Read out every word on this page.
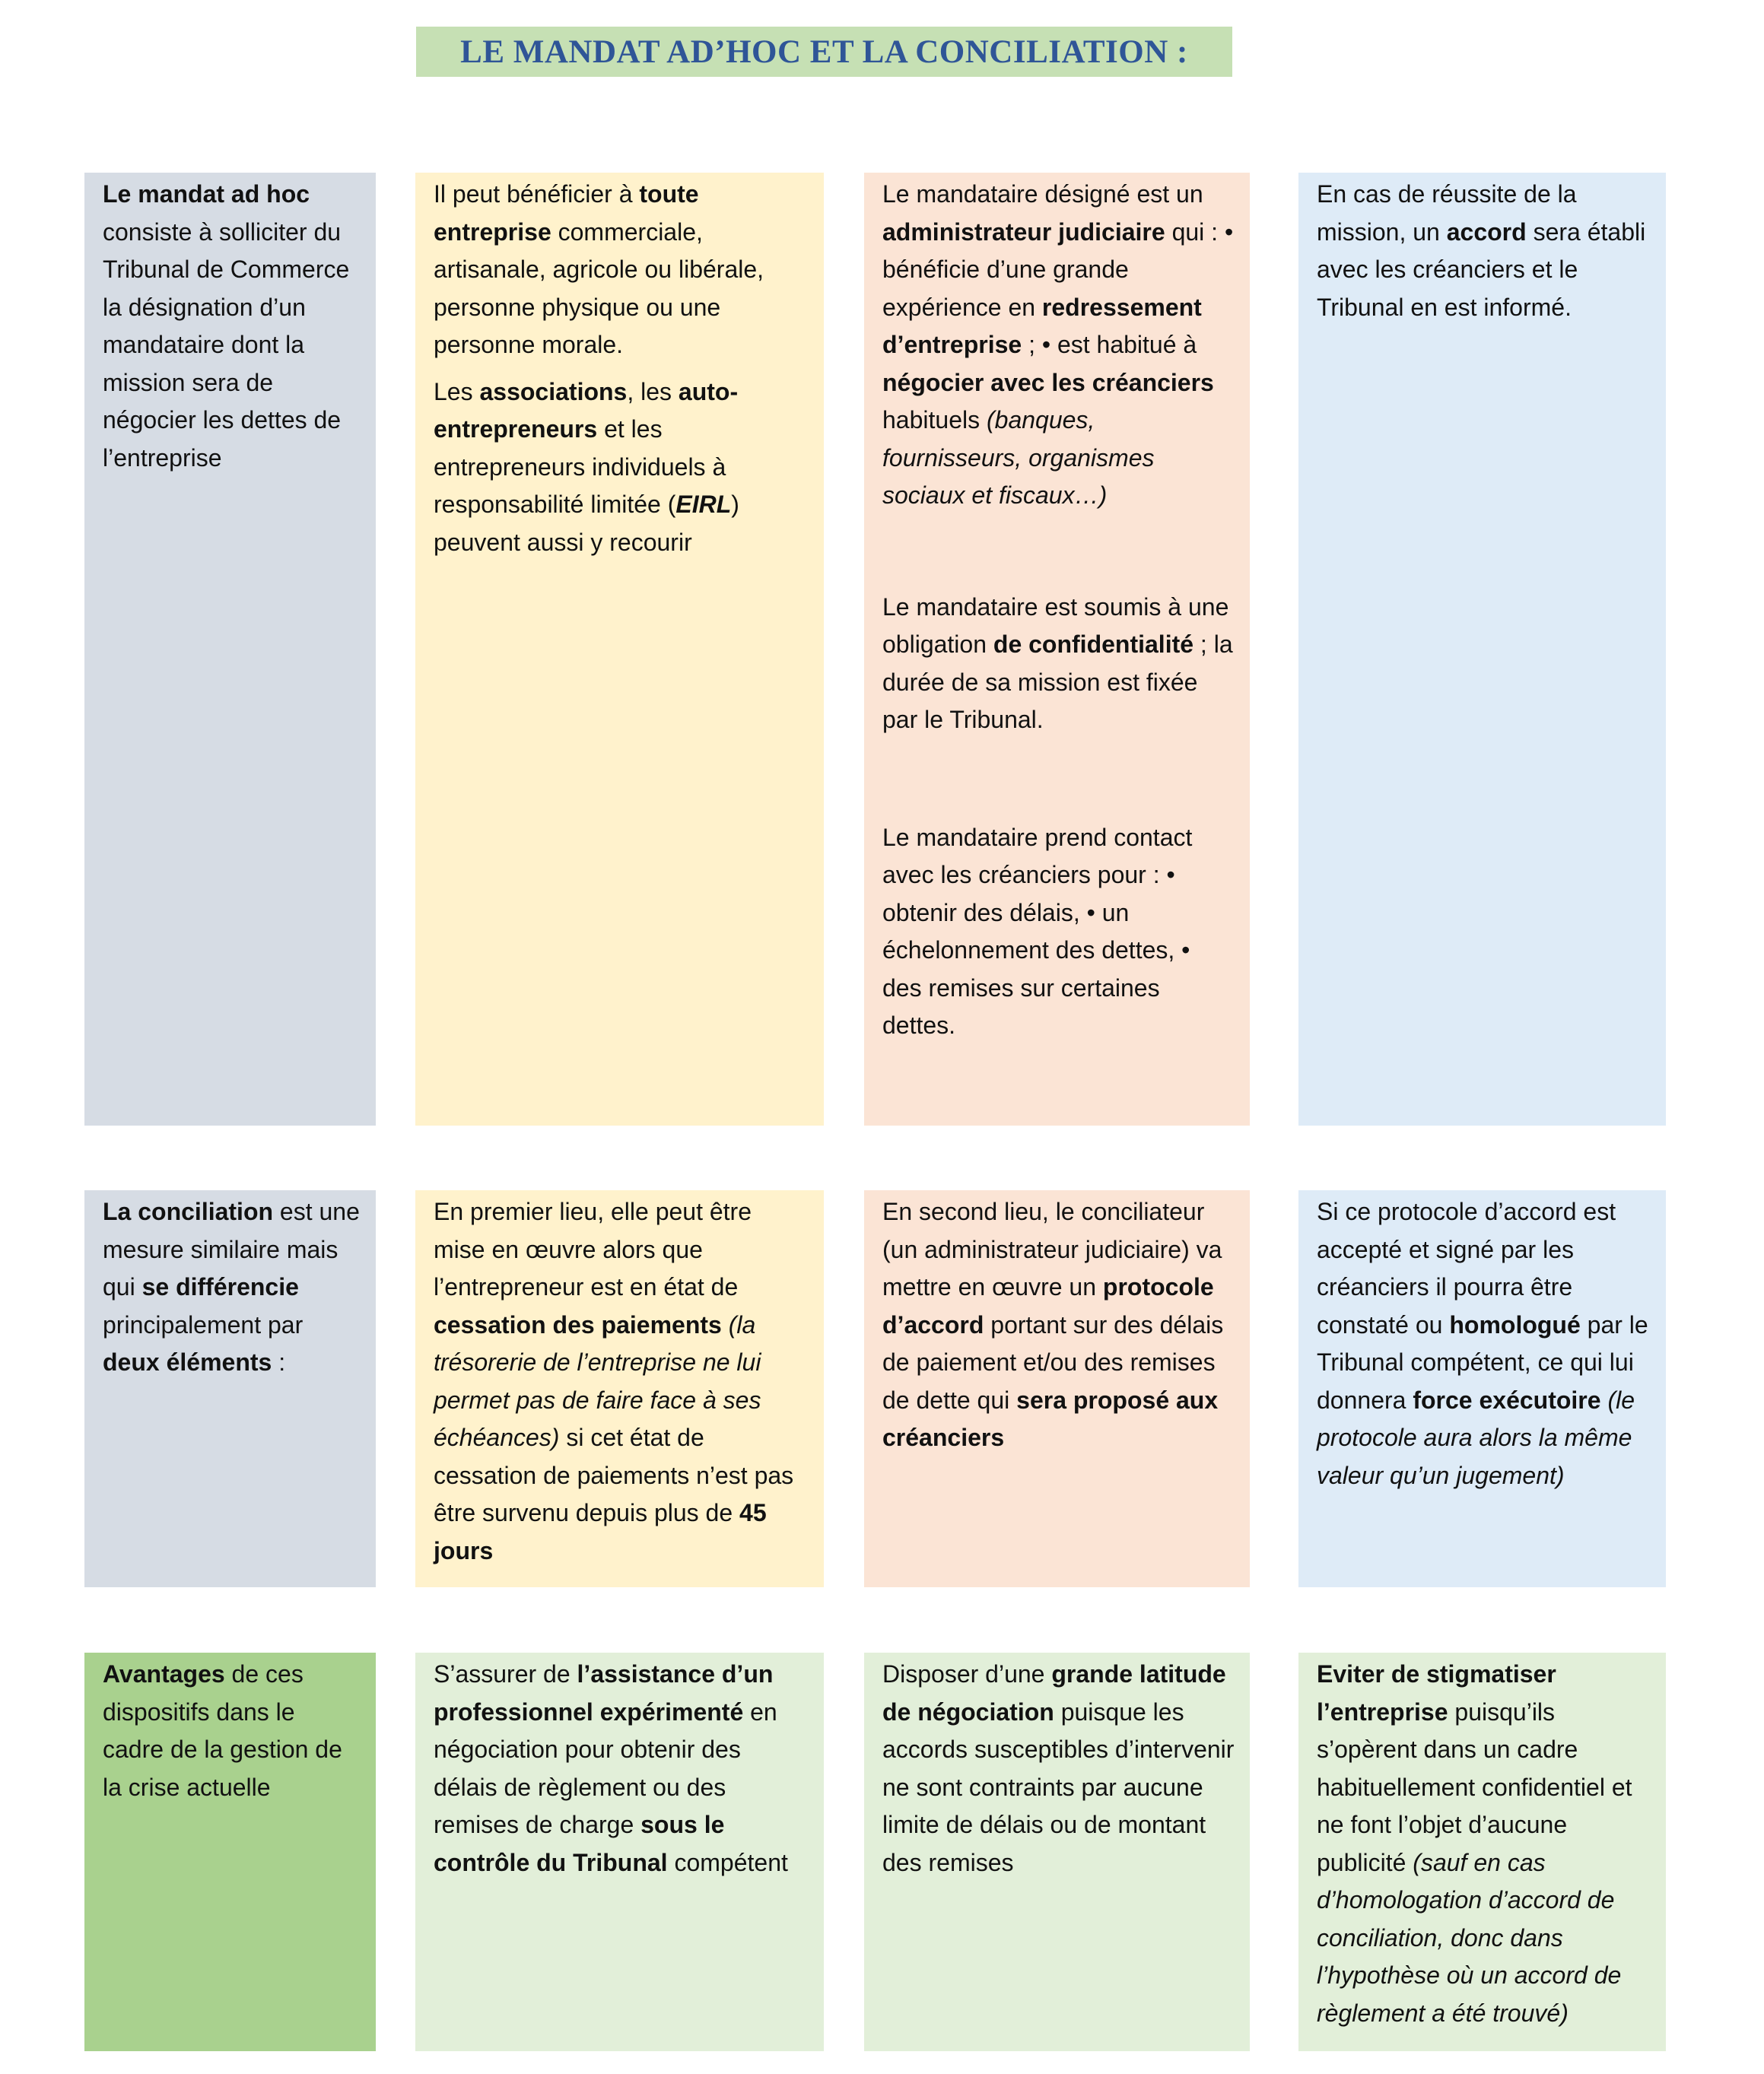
LE MANDAT AD’HOC ET LA CONCILIATION :

Le mandat ad hoc consiste à solliciter du Tribunal de Commerce la désignation d’un mandataire dont la mission sera de négocier les dettes de l’entreprise

Il peut bénéficier à toute entreprise commerciale, artisanale, agricole ou libérale, personne physique ou une personne morale.

Les associations, les auto-entrepreneurs et les entrepreneurs individuels à responsabilité limitée (EIRL) peuvent aussi y recourir

Le mandataire désigné est un administrateur judiciaire qui : • bénéficie d’une grande expérience en redressement d’entreprise ; • est habitué à négocier avec les créanciers habituels (banques, fournisseurs, organismes sociaux et fiscaux…)

Le mandataire est soumis à une obligation de confidentialité ; la durée de sa mission est fixée par le Tribunal.

Le mandataire prend contact avec les créanciers pour : • obtenir des délais, • un échelonnement des dettes, • des remises sur certaines dettes.

En cas de réussite de la mission, un accord sera établi avec les créanciers et le Tribunal en est informé.

La conciliation est une mesure similaire mais qui se différencie principalement par deux éléments :

En premier lieu, elle peut être mise en œuvre alors que l’entrepreneur est en état de cessation des paiements (la trésorerie de l’entreprise ne lui permet pas de faire face à ses échéances) si cet état de cessation de paiements n’est pas être survenu depuis plus de 45 jours

En second lieu, le conciliateur (un administrateur judiciaire) va mettre en œuvre un protocole d’accord portant sur des délais de paiement et/ou des remises de dette qui sera proposé aux créanciers

Si ce protocole d’accord est accepté et signé par les créanciers il pourra être constaté ou homologué par le Tribunal compétent, ce qui lui donnera force exécutoire (le protocole aura alors la même valeur qu’un jugement)

Avantages de ces dispositifs dans le cadre de la gestion de la crise actuelle

S’assurer de l’assistance d’un professionnel expérimenté en négociation pour obtenir des délais de règlement ou des remises de charge sous le contrôle du Tribunal compétent

Disposer d’une grande latitude de négociation puisque les accords susceptibles d’intervenir ne sont contraints par aucune limite de délais ou de montant des remises

Eviter de stigmatiser l’entreprise puisqu’ils s’opèrent dans un cadre habituellement confidentiel et ne font l’objet d’aucune publicité (sauf en cas d’homologation d’accord de conciliation, donc dans l’hypothèse où un accord de règlement a été trouvé)
